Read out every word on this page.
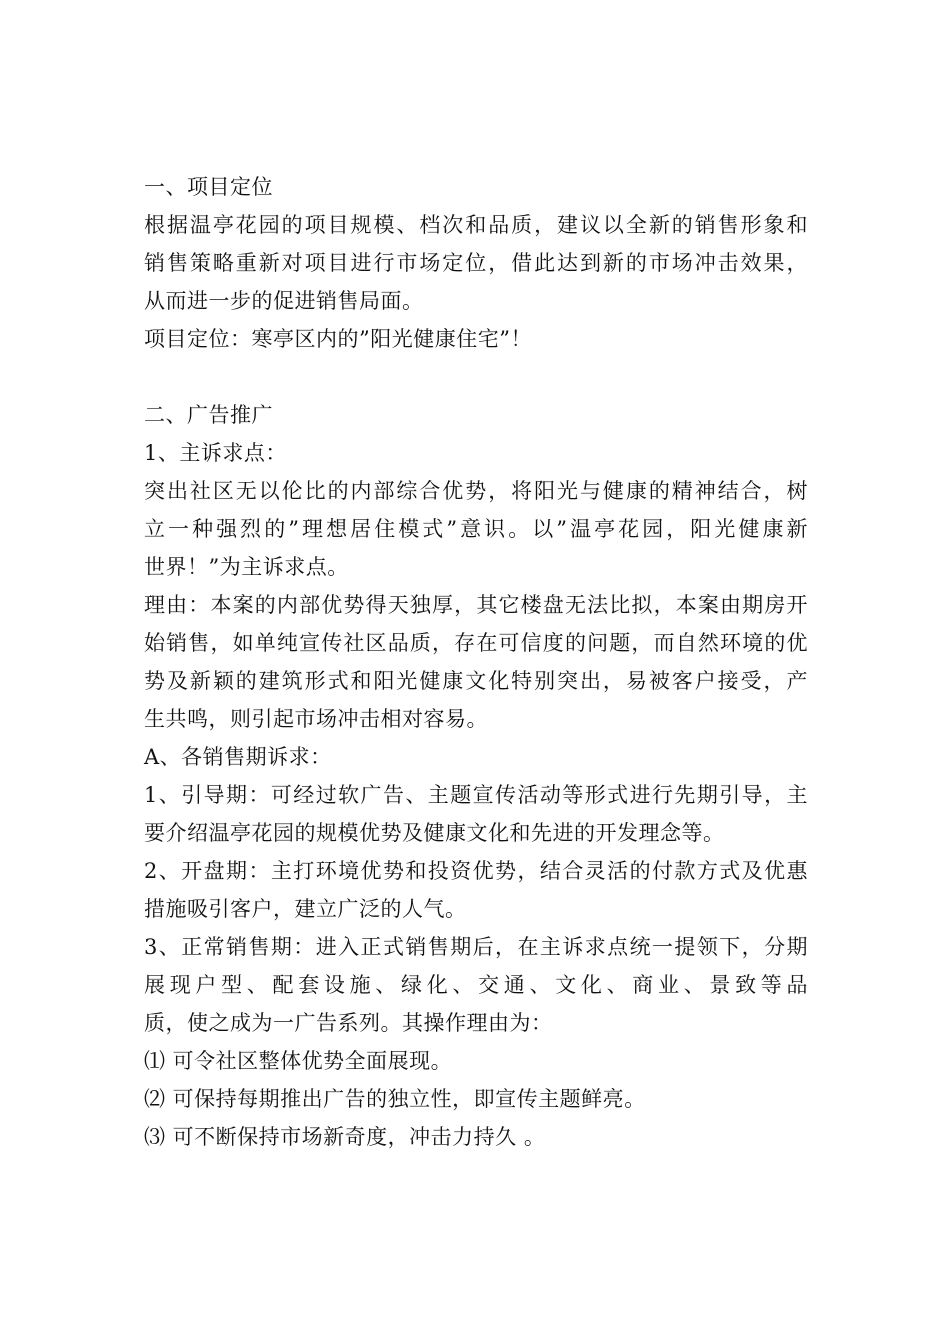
一、项目定位
根据温亭花园的项目规模、档次和品质，建议以全新的销售形象和
销售策略重新对项目进行市场定位，借此达到新的市场冲击效果，
从而进一步的促进销售局面。
项目定位：寒亭区内的”阳光健康住宅”！
二、广告推广
1、主诉求点：
突出社区无以伦比的内部综合优势，将阳光与健康的精神结合，树
立一种强烈的”理想居住模式”意识。以”温亭花园，阳光健康新
世界！”为主诉求点。
理由：本案的内部优势得天独厚，其它楼盘无法比拟，本案由期房开
始销售，如单纯宣传社区品质，存在可信度的问题，而自然环境的优
势及新颖的建筑形式和阳光健康文化特别突出，易被客户接受，产
生共鸣，则引起市场冲击相对容易。
A、各销售期诉求：
1、引导期：可经过软广告、主题宣传活动等形式进行先期引导，主
要介绍温亭花园的规模优势及健康文化和先进的开发理念等。
2、开盘期：主打环境优势和投资优势，结合灵活的付款方式及优惠
措施吸引客户，建立广泛的人气。
3、正常销售期：进入正式销售期后，在主诉求点统一提领下，分期
展现户型、配套设施、绿化、交通、文化、商业、景致等品
质，使之成为一广告系列。其操作理由为：
⑴ 可令社区整体优势全面展现。
⑵ 可保持每期推出广告的独立性，即宣传主题鲜亮。
⑶ 可不断保持市场新奇度，冲击力持久 。
